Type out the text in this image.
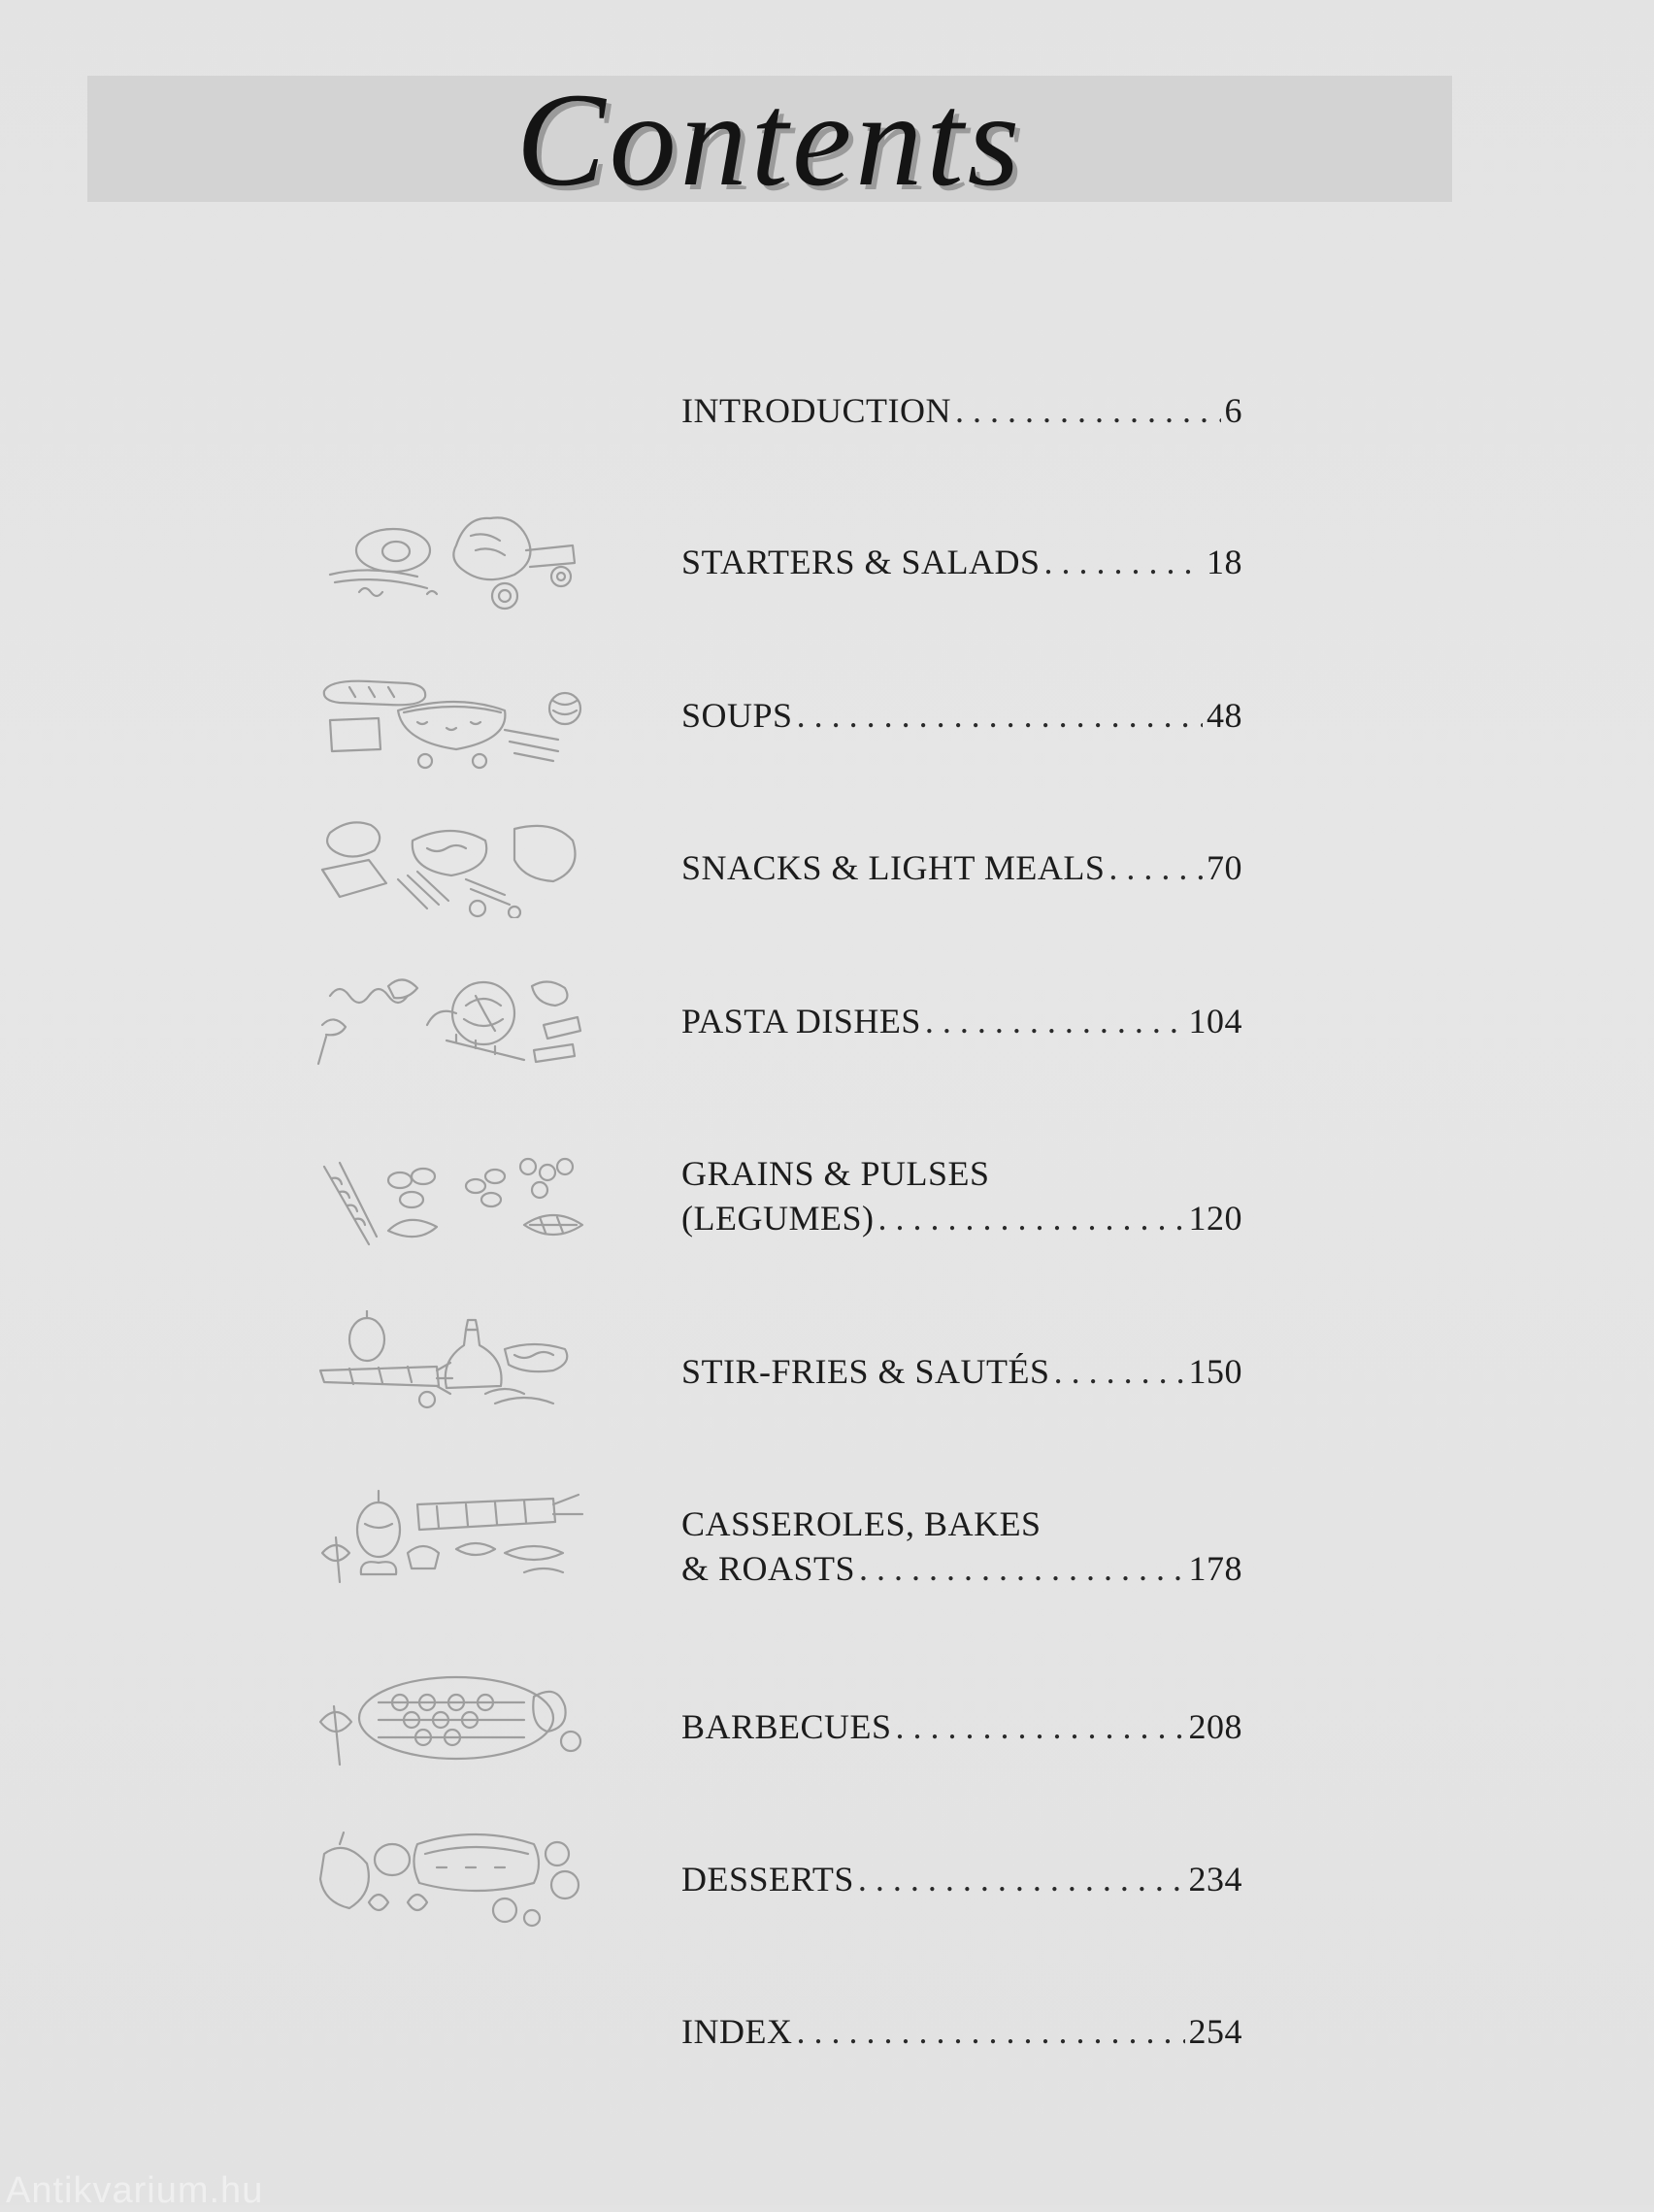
Contents
INTRODUCTION . . .	6
STARTERS & SALADS . . .	18
SOUPS . . .	48
SNACKS & LIGHT MEALS . . .	70
PASTA DISHES . . .	104
GRAINS & PULSES
(LEGUMES) . . .	120
STIR-FRIES & SAUTÉS . . .	150
CASSEROLES, BAKES
& ROASTS . . .	178
BARBECUES . . .	208
DESSERTS . . .	234
INDEX . . .	254
Antikvarium.hu
